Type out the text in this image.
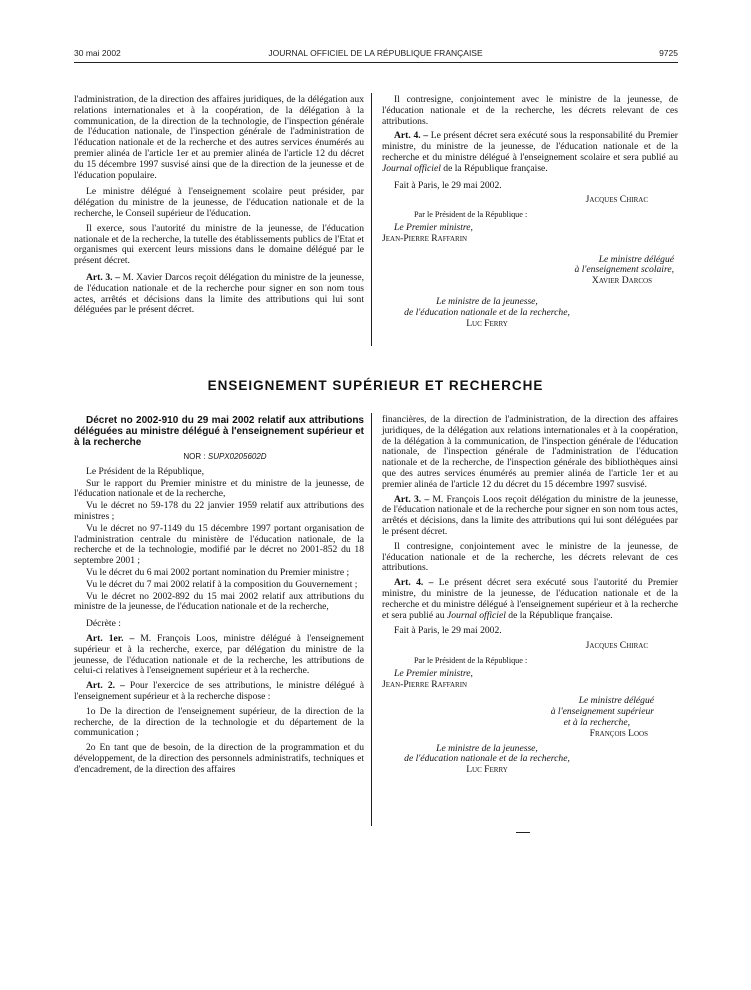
30 mai 2002	JOURNAL OFFICIEL DE LA RÉPUBLIQUE FRANÇAISE	9725

l'administration, de la direction des affaires juridiques, de la délégation aux relations internationales et à la coopération, de la délégation à la communication, de la direction de la technologie, de l'inspection générale de l'éducation nationale, de l'inspection générale de l'administration de l'éducation nationale et de la recherche et des autres services énumérés au premier alinéa de l'article 1er et au premier alinéa de l'article 12 du décret du 15 décembre 1997 susvisé ainsi que de la direction de la jeunesse et de l'éducation populaire.

Le ministre délégué à l'enseignement scolaire peut présider, par délégation du ministre de la jeunesse, de l'éducation nationale et de la recherche, le Conseil supérieur de l'éducation.

Il exerce, sous l'autorité du ministre de la jeunesse, de l'éducation nationale et de la recherche, la tutelle des établissements publics de l'Etat et organismes qui exercent leurs missions dans le domaine délégué par le présent décret.

Art. 3. – M. Xavier Darcos reçoit délégation du ministre de la jeunesse, de l'éducation nationale et de la recherche pour signer en son nom tous actes, arrêtés et décisions dans la limite des attributions qui lui sont déléguées par le présent décret.

Il contresigne, conjointement avec le ministre de la jeunesse, de l'éducation nationale et de la recherche, les décrets relevant de ces attributions.

Art. 4. – Le présent décret sera exécuté sous la responsabilité du Premier ministre, du ministre de la jeunesse, de l'éducation nationale et de la recherche et du ministre délégué à l'enseignement scolaire et sera publié au Journal officiel de la République française.

Fait à Paris, le 29 mai 2002.

Jacques Chirac

Par le Président de la République :

Le Premier ministre,

Jean-Pierre Raffarin

Le ministre délégué
à l'enseignement scolaire,
Xavier Darcos
Le ministre de la jeunesse,
de l'éducation nationale et de la recherche,
Luc Ferry
ENSEIGNEMENT SUPÉRIEUR ET RECHERCHE

Décret no 2002-910 du 29 mai 2002 relatif aux attributions déléguées au ministre délégué à l'enseignement supérieur et à la recherche

NOR : SUPX0205602D

Le Président de la République,

Sur le rapport du Premier ministre et du ministre de la jeunesse, de l'éducation nationale et de la recherche,

Vu le décret no 59-178 du 22 janvier 1959 relatif aux attributions des ministres ;

Vu le décret no 97-1149 du 15 décembre 1997 portant organisation de l'administration centrale du ministère de l'éducation nationale, de la recherche et de la technologie, modifié par le décret no 2001-852 du 18 septembre 2001 ;

Vu le décret du 6 mai 2002 portant nomination du Premier ministre ;

Vu le décret du 7 mai 2002 relatif à la composition du Gouvernement ;

Vu le décret no 2002-892 du 15 mai 2002 relatif aux attributions du ministre de la jeunesse, de l'éducation nationale et de la recherche,

Décrète :

Art. 1er. – M. François Loos, ministre délégué à l'enseignement supérieur et à la recherche, exerce, par délégation du ministre de la jeunesse, de l'éducation nationale et de la recherche, les attributions de celui-ci relatives à l'enseignement supérieur et à la recherche.

Art. 2. – Pour l'exercice de ses attributions, le ministre délégué à l'enseignement supérieur et à la recherche dispose :

1o De la direction de l'enseignement supérieur, de la direction de la recherche, de la direction de la technologie et du département de la communication ;

2o En tant que de besoin, de la direction de la programmation et du développement, de la direction des personnels administratifs, techniques et d'encadrement, de la direction des affaires

financières, de la direction de l'administration, de la direction des affaires juridiques, de la délégation aux relations internationales et à la coopération, de la délégation à la communication, de l'inspection générale de l'éducation nationale, de l'inspection générale de l'administration de l'éducation nationale et de la recherche, de l'inspection générale des bibliothèques ainsi que des autres services énumérés au premier alinéa de l'article 1er et au premier alinéa de l'article 12 du décret du 15 décembre 1997 susvisé.

Art. 3. – M. François Loos reçoit délégation du ministre de la jeunesse, de l'éducation nationale et de la recherche pour signer en son nom tous actes, arrêtés et décisions, dans la limite des attributions qui lui sont déléguées par le présent décret.

Il contresigne, conjointement avec le ministre de la jeunesse, de l'éducation nationale et de la recherche, les décrets relevant de ces attributions.

Art. 4. – Le présent décret sera exécuté sous l'autorité du Premier ministre, du ministre de la jeunesse, de l'éducation nationale et de la recherche et du ministre délégué à l'enseignement supérieur et à la recherche et sera publié au Journal officiel de la République française.

Fait à Paris, le 29 mai 2002.

Jacques Chirac

Par le Président de la République :

Le Premier ministre,

Jean-Pierre Raffarin

Le ministre délégué
à l'enseignement supérieur
et à la recherche,
François Loos
Le ministre de la jeunesse,
de l'éducation nationale et de la recherche,
Luc Ferry
